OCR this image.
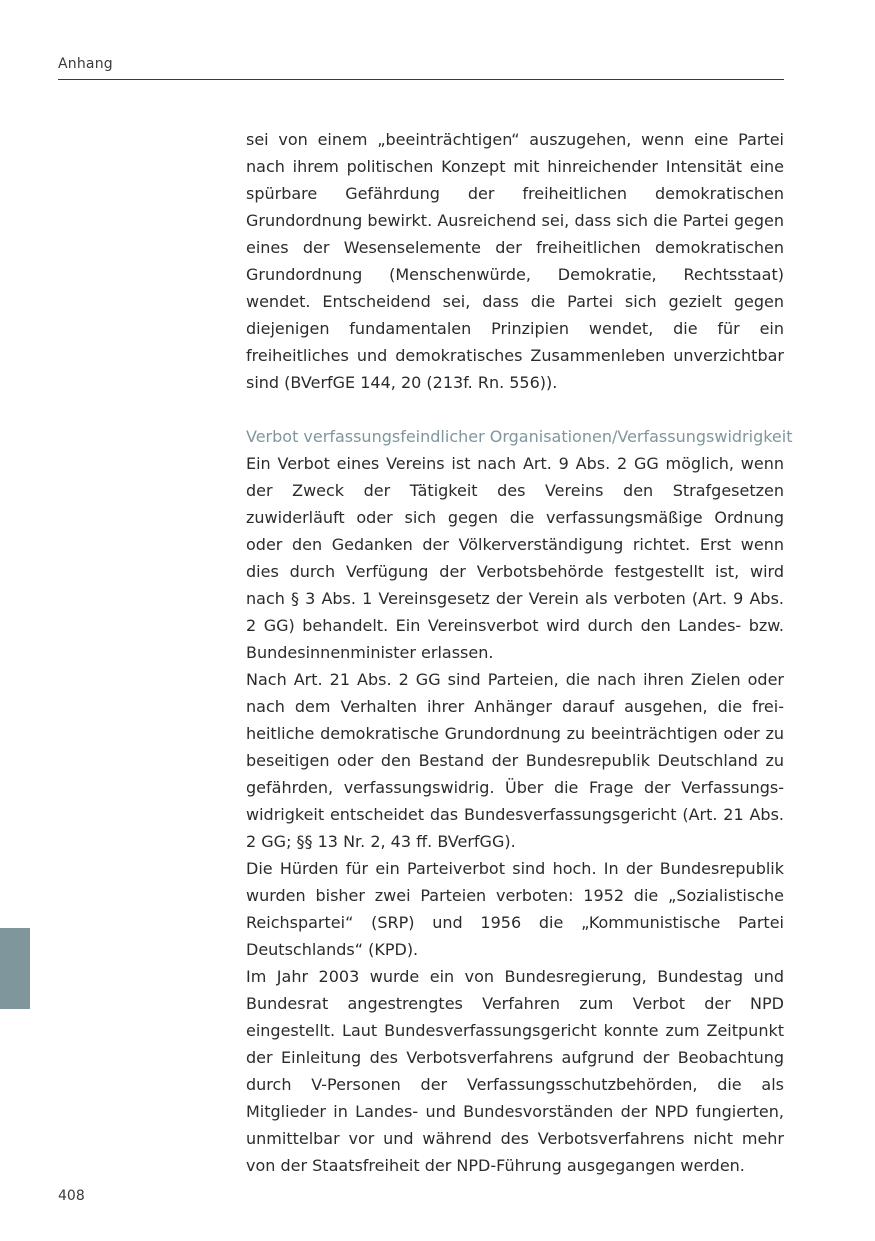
Anhang

sei von einem „beeinträchtigen“ auszugehen, wenn eine Partei nach ihrem politischen Konzept mit hinreichender Intensität eine spürbare Gefährdung der freiheitlichen demokratischen Grundordnung bewirkt. Ausreichend sei, dass sich die Partei gegen eines der Wesenselemente der freiheitlichen demokratischen Grundordnung (Menschenwürde, Demokratie, Rechtsstaat) wendet. Entscheidend sei, dass die Partei sich gezielt gegen diejenigen fundamentalen Prinzipien wendet, die für ein freiheitliches und demokratisches Zusammenleben unverzichtbar sind (BVerfGE 144, 20 (213f. Rn. 556)).

Verbot verfassungsfeindlicher Organisationen/Verfassungswidrigkeit

Ein Verbot eines Vereins ist nach Art. 9 Abs. 2 GG möglich, wenn der Zweck der Tätigkeit des Vereins den Strafgesetzen zuwiderläuft oder sich gegen die verfassungsmäßige Ordnung oder den Gedanken der Völkerverständigung richtet. Erst wenn dies durch Verfügung der Verbotsbehörde festgestellt ist, wird nach § 3 Abs. 1 Vereinsgesetz der Verein als verboten (Art. 9 Abs. 2 GG) behandelt. Ein Vereinsverbot wird durch den Landes- bzw. Bundesinnenminister erlassen.

Nach Art. 21 Abs. 2 GG sind Parteien, die nach ihren Zielen oder nach dem Verhalten ihrer Anhänger darauf ausgehen, die freiheitliche demokratische Grundordnung zu beeinträchtigen oder zu beseitigen oder den Bestand der Bundesrepublik Deutschland zu gefährden, verfassungswidrig. Über die Frage der Verfassungswidrigkeit entscheidet das Bundesverfassungsgericht (Art. 21 Abs. 2 GG; §§ 13 Nr. 2, 43 ff. BVerfGG).

Die Hürden für ein Parteiverbot sind hoch. In der Bundesrepublik wurden bisher zwei Parteien verboten: 1952 die „Sozialistische Reichspartei“ (SRP) und 1956 die „Kommunistische Partei Deutschlands“ (KPD).

Im Jahr 2003 wurde ein von Bundesregierung, Bundestag und Bundesrat angestrengtes Verfahren zum Verbot der NPD eingestellt. Laut Bundesverfassungsgericht konnte zum Zeitpunkt der Einleitung des Verbotsverfahrens aufgrund der Beobachtung durch V-Personen der Verfassungsschutzbehörden, die als Mitglieder in Landes- und Bundesvorständen der NPD fungierten, unmittelbar vor und während des Verbotsverfahrens nicht mehr von der Staatsfreiheit der NPD-Führung ausgegangen werden.

408
